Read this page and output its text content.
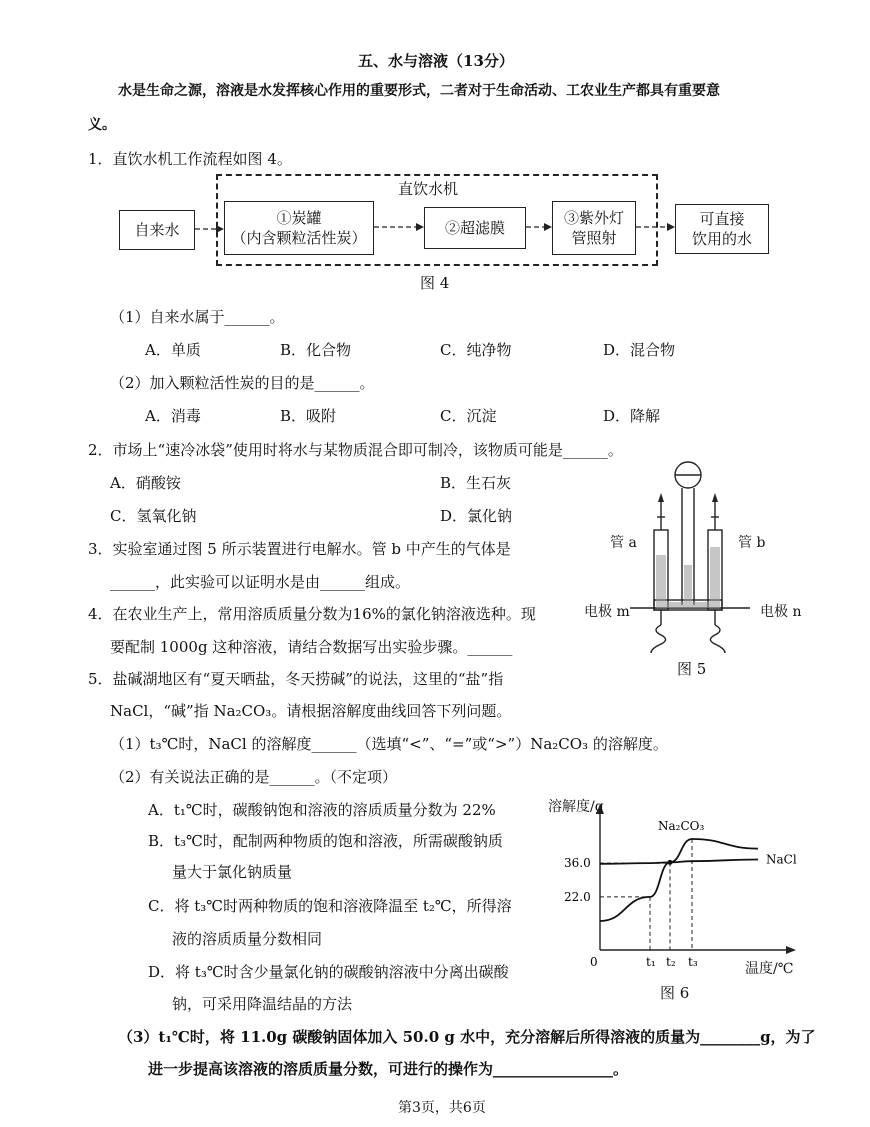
五、水与溶液（13分）
水是生命之源，溶液是水发挥核心作用的重要形式，二者对于生命活动、工农业生产都具有重要意
义。
1．直饮水机工作流程如图 4。
直饮水机
自来水
①炭罐
（内含颗粒活性炭）
②超滤膜
③紫外灯
管照射
可直接
饮用的水
图 4
（1）自来水属于______。
A．单质	B．化合物	C．纯净物	D．混合物
（2）加入颗粒活性炭的目的是______。
A．消毒	B．吸附	C．沉淀	D．降解
2．市场上“速冷冰袋”使用时将水与某物质混合即可制冷，该物质可能是______。
A．硝酸铵	B．生石灰
C．氢氧化钠	D．氯化钠
3．实验室通过图 5 所示装置进行电解水。管 b 中产生的气体是
______，此实验可以证明水是由______组成。
4．在农业生产上，常用溶质质量分数为16%的氯化钠溶液选种。现
要配制 1000g 这种溶液，请结合数据写出实验步骤。______
管 a	管 b
电极 m	电极 n
图 5
5．盐碱湖地区有“夏天晒盐，冬天捞碱”的说法，这里的“盐”指
NaCl，“碱”指 Na₂CO₃。请根据溶解度曲线回答下列问题。
（1）t₃℃时，NaCl 的溶解度______（选填“<”、“=”或“>”）Na₂CO₃ 的溶解度。
（2）有关说法正确的是______。（不定项）
A．t₁℃时，碳酸钠饱和溶液的溶质质量分数为 22%
B．t₃℃时，配制两种物质的饱和溶液，所需碳酸钠质
量大于氯化钠质量
C．将 t₃℃时两种物质的饱和溶液降温至 t₂℃，所得溶
液的溶质质量分数相同
D．将 t₃℃时含少量氯化钠的碳酸钠溶液中分离出碳酸
钠，可采用降温结晶的方法
Na₂CO₃
NaCl
t₁ t₂ t₃
0
22.0
36.0
溶解度/g
温度/℃
图 6
（3）t₁℃时，将 11.0g 碳酸钠固体加入 50.0 g 水中，充分溶解后所得溶液的质量为________g，为了
进一步提高该溶液的溶质质量分数，可进行的操作为________________。
第3页，共6页
